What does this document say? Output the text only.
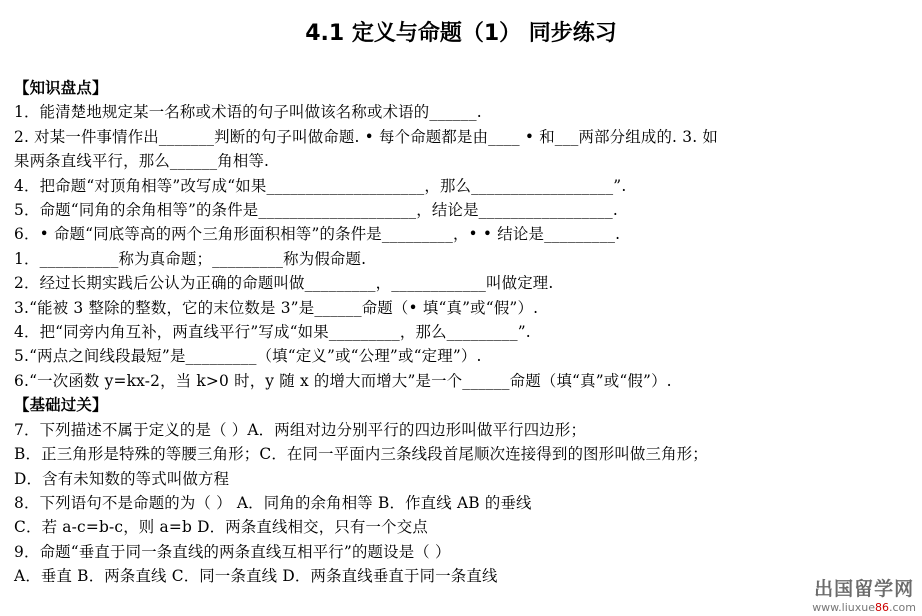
4.1 定义与命题（1） 同步练习
【知识盘点】
1．能清楚地规定某一名称或术语的句子叫做该名称或术语的______.
2. 对某一件事情作出_______判断的句子叫做命题. • 每个命题都是由____ • 和___两部分组成的. 3. 如
果两条直线平行，那么______角相等.
4．把命题“对顶角相等”改写成“如果____________________，那么__________________”.
5．命题“同角的余角相等”的条件是____________________，结论是_________________.
6．• 命题“同底等高的两个三角形面积相等”的条件是_________，• • 结论是_________.
1．__________称为真命题；_________称为假命题.
2．经过长期实践后公认为正确的命题叫做_________，____________叫做定理.
3.“能被 3 整除的整数，它的末位数是 3”是______命题（• 填“真”或“假”）.
4．把“同旁内角互补，两直线平行”写成“如果_________，那么_________”.
5.“两点之间线段最短”是_________（填“定义”或“公理”或“定理”）.
6.“一次函数 y=kx-2，当 k>0 时，y 随 x 的增大而增大”是一个______命题（填“真”或“假”）.
【基础过关】
7．下列描述不属于定义的是（ ）A．两组对边分别平行的四边形叫做平行四边形；
B．正三角形是特殊的等腰三角形；C．在同一平面内三条线段首尾顺次连接得到的图形叫做三角形；
D．含有未知数的等式叫做方程
8．下列语句不是命题的为（ ） A．同角的余角相等 B．作直线 AB 的垂线
C．若 a-c=b-c，则 a=b D．两条直线相交，只有一个交点
9．命题“垂直于同一条直线的两条直线互相平行”的题设是（ ）
A．垂直 B．两条直线 C．同一条直线 D．两条直线垂直于同一条直线
出国留学网
www.liuxue86.com
